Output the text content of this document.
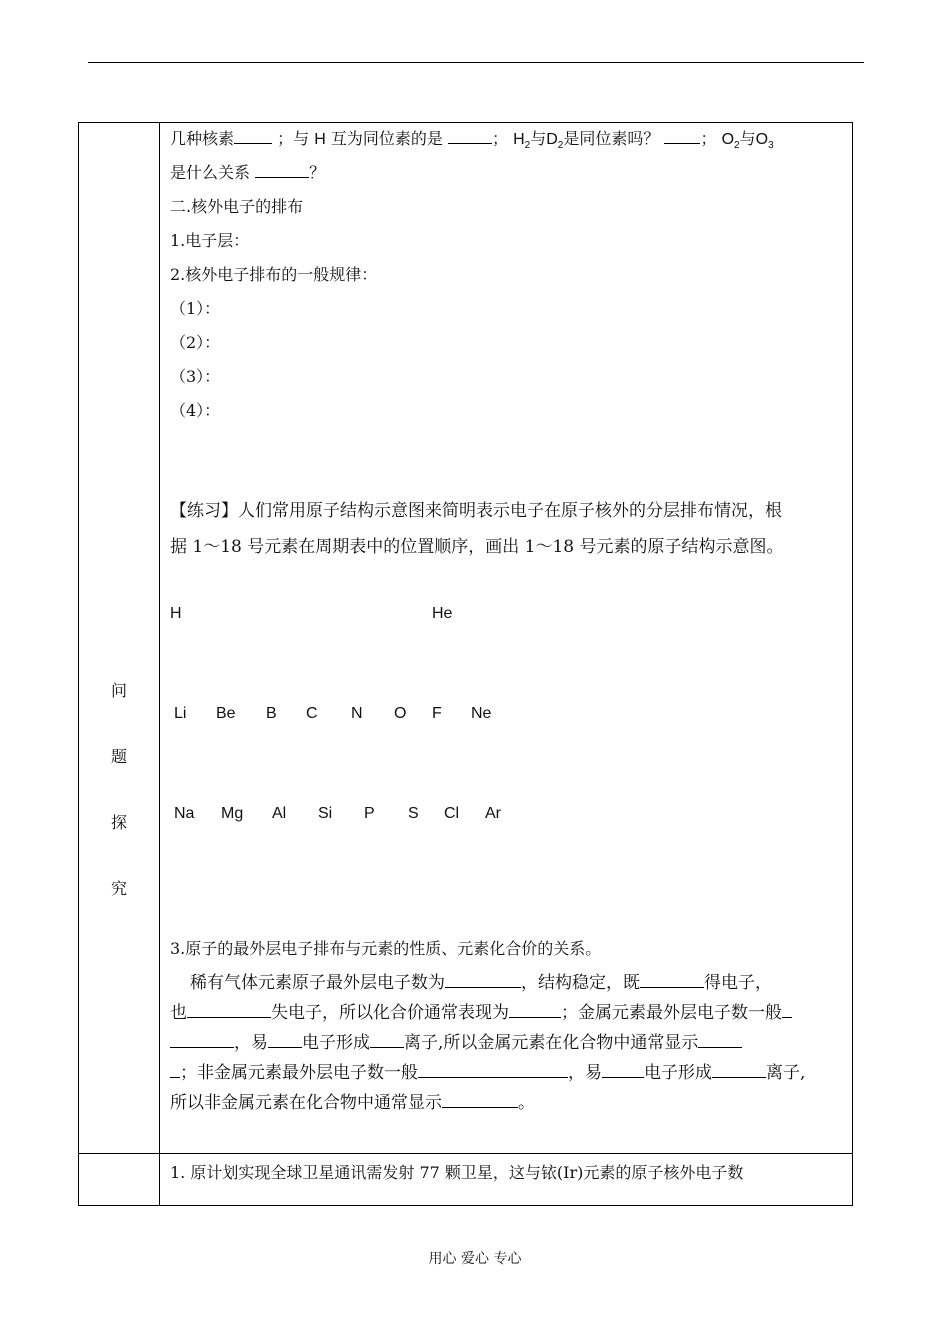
问
题
探
究
几种核素	；与 H 互为同位素的是	； $H_2$与$D_2$是同位素吗？	； $O_2$与$O_3$
是什么关系	？
二.核外电子的排布
1.电子层：
2.核外电子排布的一般规律：
（1）：
（2）：
（3）：
（4）：
【练习】人们常用原子结构示意图来简明表示电子在原子核外的分层排布情况，根
据 1～18 号元素在周期表中的位置顺序，画出 1～18 号元素的原子结构示意图。
H	He
Li Be B C N O F Ne
Na Mg Al Si P S Cl Ar
3.原子的最外层电子排布与元素的性质、元素化合价的关系。
稀有气体元素原子最外层电子数为	，结构稳定，既	得电子，
也	失电子，所以化合价通常表现为	；金属元素最外层电子数一般
，易 电子形成 离子,所以金属元素在化合物中通常显示
；非金属元素最外层电子数一般	，易 电子形成	离子,
所以非金属元素在化合物中通常显示	。
1. 原计划实现全球卫星通讯需发射 77 颗卫星，这与铱(Ir)元素的原子核外电子数
用心 爱心 专心
